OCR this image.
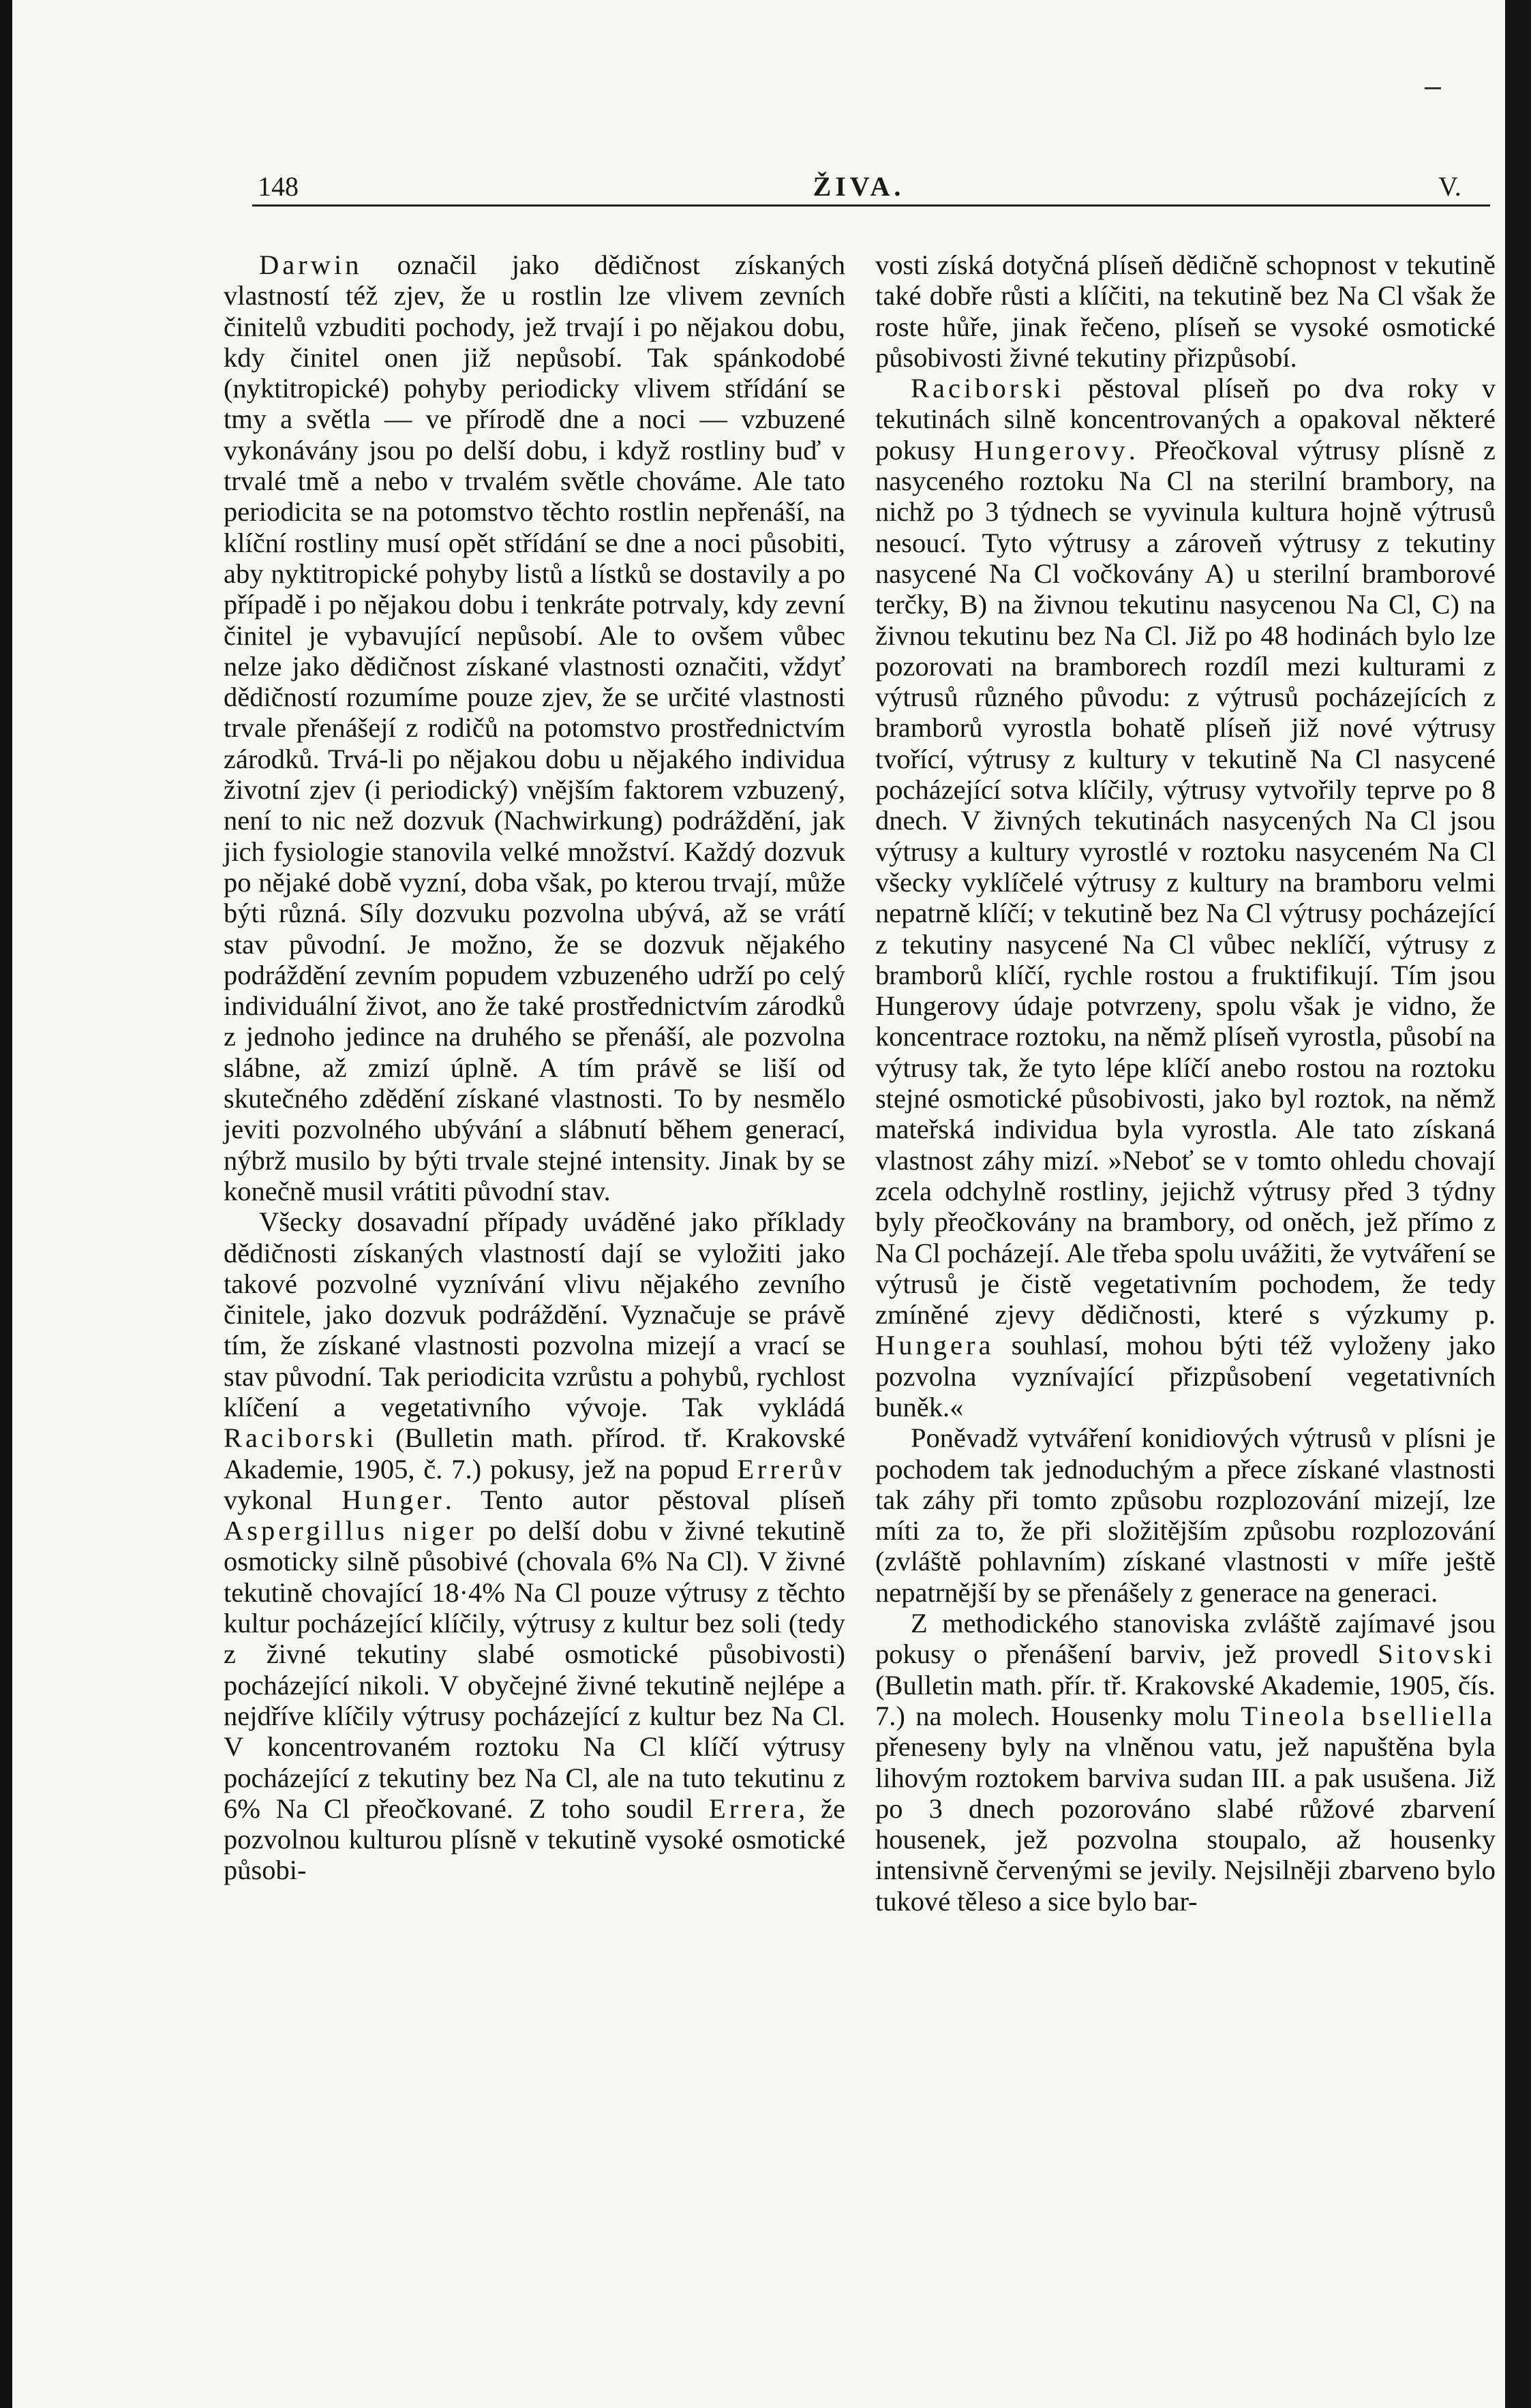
148	ŽIVA.	V.

Darwin označil jako dědičnost získaných vlastností též zjev, že u rostlin lze vlivem zevních činitelů vzbuditi pochody, jež trvají i po nějakou dobu, kdy činitel onen již nepůsobí. Tak spánkodobé (nyktitropické) pohyby periodicky vlivem střídání se tmy a světla — ve přírodě dne a noci — vzbuzené vykonávány jsou po delší dobu, i když rostliny buď v trvalé tmě a nebo v trvalém světle chováme. Ale tato periodicita se na potomstvo těchto rostlin nepřenáší, na klíční rostliny musí opět střídání se dne a noci působiti, aby nyktitropické pohyby listů a lístků se dostavily a po případě i po nějakou dobu i tenkráte potrvaly, kdy zevní činitel je vybavující nepůsobí. Ale to ovšem vůbec nelze jako dědičnost získané vlastnosti označiti, vždyť dědičností rozumíme pouze zjev, že se určité vlastnosti trvale přenášejí z rodičů na potomstvo prostřednictvím zárodků. Trvá-li po nějakou dobu u nějakého individua životní zjev (i periodický) vnějším faktorem vzbuzený, není to nic než dozvuk (Nachwirkung) podráždění, jak jich fysiologie stanovila velké množství. Každý dozvuk po nějaké době vyzní, doba však, po kterou trvají, může býti různá. Síly dozvuku pozvolna ubývá, až se vrátí stav původní. Je možno, že se dozvuk nějakého podráždění zevním popudem vzbuzeného udrží po celý individuální život, ano že také prostřednictvím zárodků z jednoho jedince na druhého se přenáší, ale pozvolna slábne, až zmizí úplně. A tím právě se liší od skutečného zdědění získané vlastnosti. To by nesmělo jeviti pozvolného ubývání a slábnutí během generací, nýbrž musilo by býti trvale stejné intensity. Jinak by se konečně musil vrátiti původní stav.

Všecky dosavadní případy uváděné jako příklady dědičnosti získaných vlastností dají se vyložiti jako takové pozvolné vyznívání vlivu nějakého zevního činitele, jako dozvuk podráždění. Vyznačuje se právě tím, že získané vlastnosti pozvolna mizejí a vrací se stav původní. Tak periodicita vzrůstu a pohybů, rychlost klíčení a vegetativního vývoje. Tak vykládá Raciborski (Bulletin math. přírod. tř. Krakovské Akademie, 1905, č. 7.) pokusy, jež na popud Errerův vykonal Hunger. Tento autor pěstoval plíseň Aspergillus niger po delší dobu v živné tekutině osmoticky silně působivé (chovala 6% Na Cl). V živné tekutině chovající 18·4% Na Cl pouze výtrusy z těchto kultur pocházející klíčily, výtrusy z kultur bez soli (tedy z živné tekutiny slabé osmotické působivosti) pocházející nikoli. V obyčejné živné tekutině nejlépe a nejdříve klíčily výtrusy pocházející z kultur bez Na Cl. V koncentrovaném roztoku Na Cl klíčí výtrusy pocházející z tekutiny bez Na Cl, ale na tuto tekutinu z 6% Na Cl přeočkované. Z toho soudil Errera, že pozvolnou kulturou plísně v tekutině vysoké osmotické působi-

vosti získá dotyčná plíseň dědičně schopnost v tekutině také dobře růsti a klíčiti, na tekutině bez Na Cl však že roste hůře, jinak řečeno, plíseň se vysoké osmotické působivosti živné tekutiny přizpůsobí.

Raciborski pěstoval plíseň po dva roky v tekutinách silně koncentrovaných a opakoval některé pokusy Hungerovy. Přeočkoval výtrusy plísně z nasyceného roztoku Na Cl na sterilní brambory, na nichž po 3 týdnech se vyvinula kultura hojně výtrusů nesoucí. Tyto výtrusy a zároveň výtrusy z tekutiny nasycené Na Cl vočkovány A) u sterilní bramborové terčky, B) na živnou tekutinu nasycenou Na Cl, C) na živnou tekutinu bez Na Cl. Již po 48 hodinách bylo lze pozorovati na bramborech rozdíl mezi kulturami z výtrusů různého původu: z výtrusů pocházejících z bramborů vyrostla bohatě plíseň již nové výtrusy tvořící, výtrusy z kultury v tekutině Na Cl nasycené pocházející sotva klíčily, výtrusy vytvořily teprve po 8 dnech. V živných tekutinách nasycených Na Cl jsou výtrusy a kultury vyrostlé v roztoku nasyceném Na Cl všecky vyklíčelé výtrusy z kultury na bramboru velmi nepatrně klíčí; v tekutině bez Na Cl výtrusy pocházející z tekutiny nasycené Na Cl vůbec neklíčí, výtrusy z bramborů klíčí, rychle rostou a fruktifikují. Tím jsou Hungerovy údaje potvrzeny, spolu však je vidno, že koncentrace roztoku, na němž plíseň vyrostla, působí na výtrusy tak, že tyto lépe klíčí anebo rostou na roztoku stejné osmotické působivosti, jako byl roztok, na němž mateřská individua byla vyrostla. Ale tato získaná vlastnost záhy mizí. »Neboť se v tomto ohledu chovají zcela odchylně rostliny, jejichž výtrusy před 3 týdny byly přeočkovány na brambory, od oněch, jež přímo z Na Cl pocházejí. Ale třeba spolu uvážiti, že vytváření se výtrusů je čistě vegetativním pochodem, že tedy zmíněné zjevy dědičnosti, které s výzkumy p. Hungera souhlasí, mohou býti též vyloženy jako pozvolna vyznívající přizpůsobení vegetativních buněk.«

Poněvadž vytváření konidiových výtrusů v plísni je pochodem tak jednoduchým a přece získané vlastnosti tak záhy při tomto způsobu rozplozování mizejí, lze míti za to, že při složitějším způsobu rozplozování (zvláště pohlavním) získané vlastnosti v míře ještě nepatrnější by se přenášely z generace na generaci.

Z methodického stanoviska zvláště zajímavé jsou pokusy o přenášení barviv, jež provedl Sitovski (Bulletin math. přír. tř. Krakovské Akademie, 1905, čís. 7.) na molech. Housenky molu Tineola bselliella přeneseny byly na vlněnou vatu, jež napuštěna byla lihovým roztokem barviva sudan III. a pak usušena. Již po 3 dnech pozorováno slabé růžové zbarvení housenek, jež pozvolna stoupalo, až housenky intensivně červenými se jevily. Nejsilněji zbarveno bylo tukové těleso a sice bylo bar-
